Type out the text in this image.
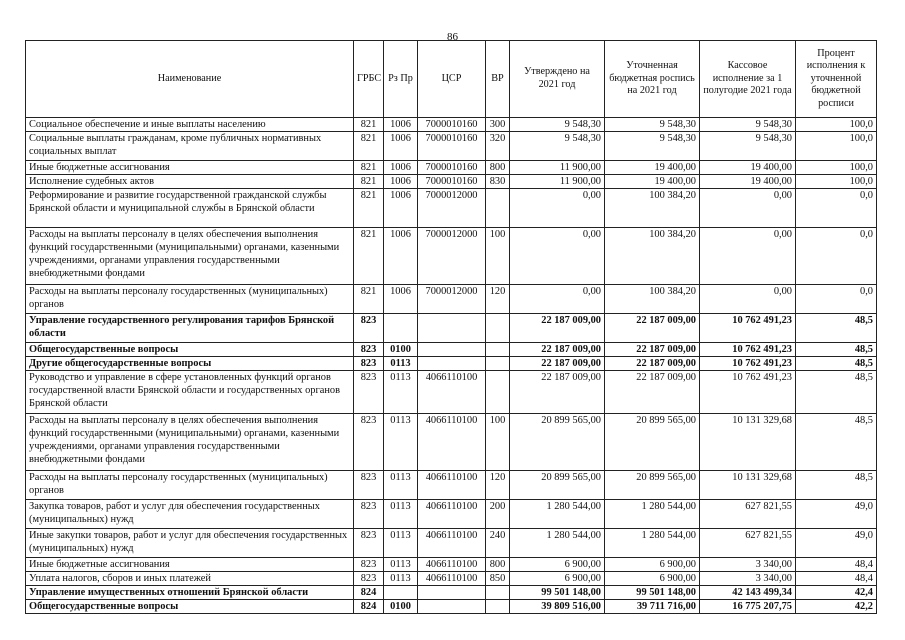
86
Наименование	ГРБС	Рз Пр	ЦСР	ВР	Утверждено на 2021 год	Уточненная бюджетная роспись на 2021 год	Кассовое исполнение за 1 полугодие 2021 года	Процент исполнения к уточненной бюджетной росписи
Социальное обеспечение и иные выплаты населению	821	1006	7000010160	300	9 548,30	9 548,30	9 548,30	100,0
Социальные выплаты гражданам, кроме публичных нормативных социальных выплат	821	1006	7000010160	320	9 548,30	9 548,30	9 548,30	100,0
Иные бюджетные ассигнования	821	1006	7000010160	800	11 900,00	19 400,00	19 400,00	100,0
Исполнение судебных актов	821	1006	7000010160	830	11 900,00	19 400,00	19 400,00	100,0
Реформирование и развитие государственной гражданской службы Брянской области и муниципальной службы в Брянской области	821	1006	7000012000		0,00	100 384,20	0,00	0,0
Расходы на выплаты персоналу в целях обеспечения выполнения функций государственными (муниципальными) органами, казенными учреждениями, органами управления государственными внебюджетными фондами	821	1006	7000012000	100	0,00	100 384,20	0,00	0,0
Расходы на выплаты персоналу государственных (муниципальных) органов	821	1006	7000012000	120	0,00	100 384,20	0,00	0,0
Управление государственного регулирования тарифов Брянской области	823				22 187 009,00	22 187 009,00	10 762 491,23	48,5
Общегосударственные вопросы	823	0100			22 187 009,00	22 187 009,00	10 762 491,23	48,5
Другие общегосударственные вопросы	823	0113			22 187 009,00	22 187 009,00	10 762 491,23	48,5
Руководство и управление в сфере установленных функций органов государственной власти Брянской области и государственных органов Брянской области	823	0113	4066110100		22 187 009,00	22 187 009,00	10 762 491,23	48,5
Расходы на выплаты персоналу в целях обеспечения выполнения функций государственными (муниципальными) органами, казенными учреждениями, органами управления государственными внебюджетными фондами	823	0113	4066110100	100	20 899 565,00	20 899 565,00	10 131 329,68	48,5
Расходы на выплаты персоналу государственных (муниципальных) органов	823	0113	4066110100	120	20 899 565,00	20 899 565,00	10 131 329,68	48,5
Закупка товаров, работ и услуг для обеспечения государственных (муниципальных) нужд	823	0113	4066110100	200	1 280 544,00	1 280 544,00	627 821,55	49,0
Иные закупки товаров, работ и услуг для обеспечения государственных (муниципальных) нужд	823	0113	4066110100	240	1 280 544,00	1 280 544,00	627 821,55	49,0
Иные бюджетные ассигнования	823	0113	4066110100	800	6 900,00	6 900,00	3 340,00	48,4
Уплата налогов, сборов и иных платежей	823	0113	4066110100	850	6 900,00	6 900,00	3 340,00	48,4
Управление имущественных отношений Брянской области	824				99 501 148,00	99 501 148,00	42 143 499,34	42,4
Общегосударственные вопросы	824	0100			39 809 516,00	39 711 716,00	16 775 207,75	42,2
